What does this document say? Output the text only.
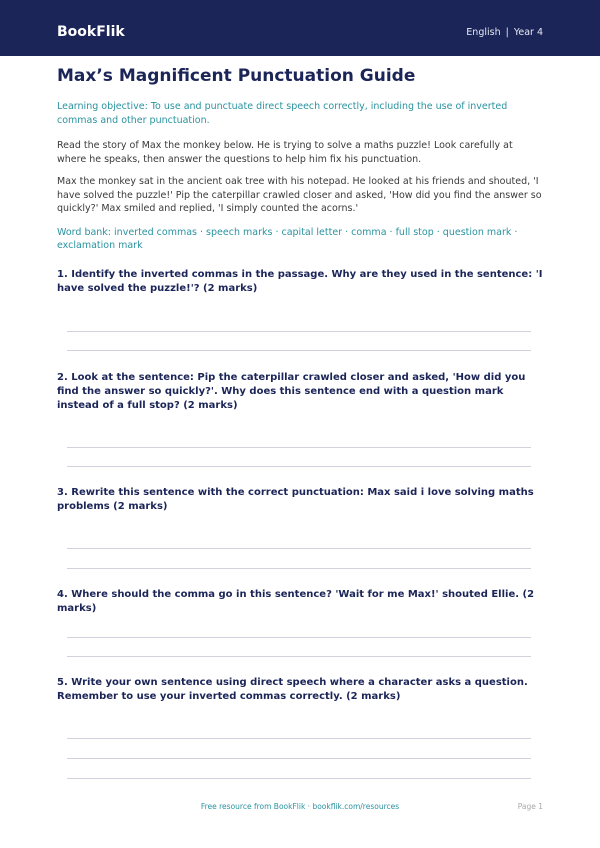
BookFlik	English | Year 4
Max’s Magnificent Punctuation Guide

Learning objective: To use and punctuate direct speech correctly, including the use of inverted commas and other punctuation.

Read the story of Max the monkey below. He is trying to solve a maths puzzle! Look carefully at where he speaks, then answer the questions to help him fix his punctuation.

Max the monkey sat in the ancient oak tree with his notepad. He looked at his friends and shouted, 'I have solved the puzzle!' Pip the caterpillar crawled closer and asked, 'How did you find the answer so quickly?' Max smiled and replied, 'I simply counted the acorns.'

Word bank: inverted commas · speech marks · capital letter · comma · full stop · question mark · exclamation mark

1. Identify the inverted commas in the passage. Why are they used in the sentence: 'I have solved the puzzle!'? (2 marks)

2. Look at the sentence: Pip the caterpillar crawled closer and asked, 'How did you find the answer so quickly?'. Why does this sentence end with a question mark instead of a full stop? (2 marks)

3. Rewrite this sentence with the correct punctuation: Max said i love solving maths problems (2 marks)

4. Where should the comma go in this sentence? 'Wait for me Max!' shouted Ellie. (2 marks)

5. Write your own sentence using direct speech where a character asks a question. Remember to use your inverted commas correctly. (2 marks)

Free resource from BookFlik · bookflik.com/resources	Page 1
